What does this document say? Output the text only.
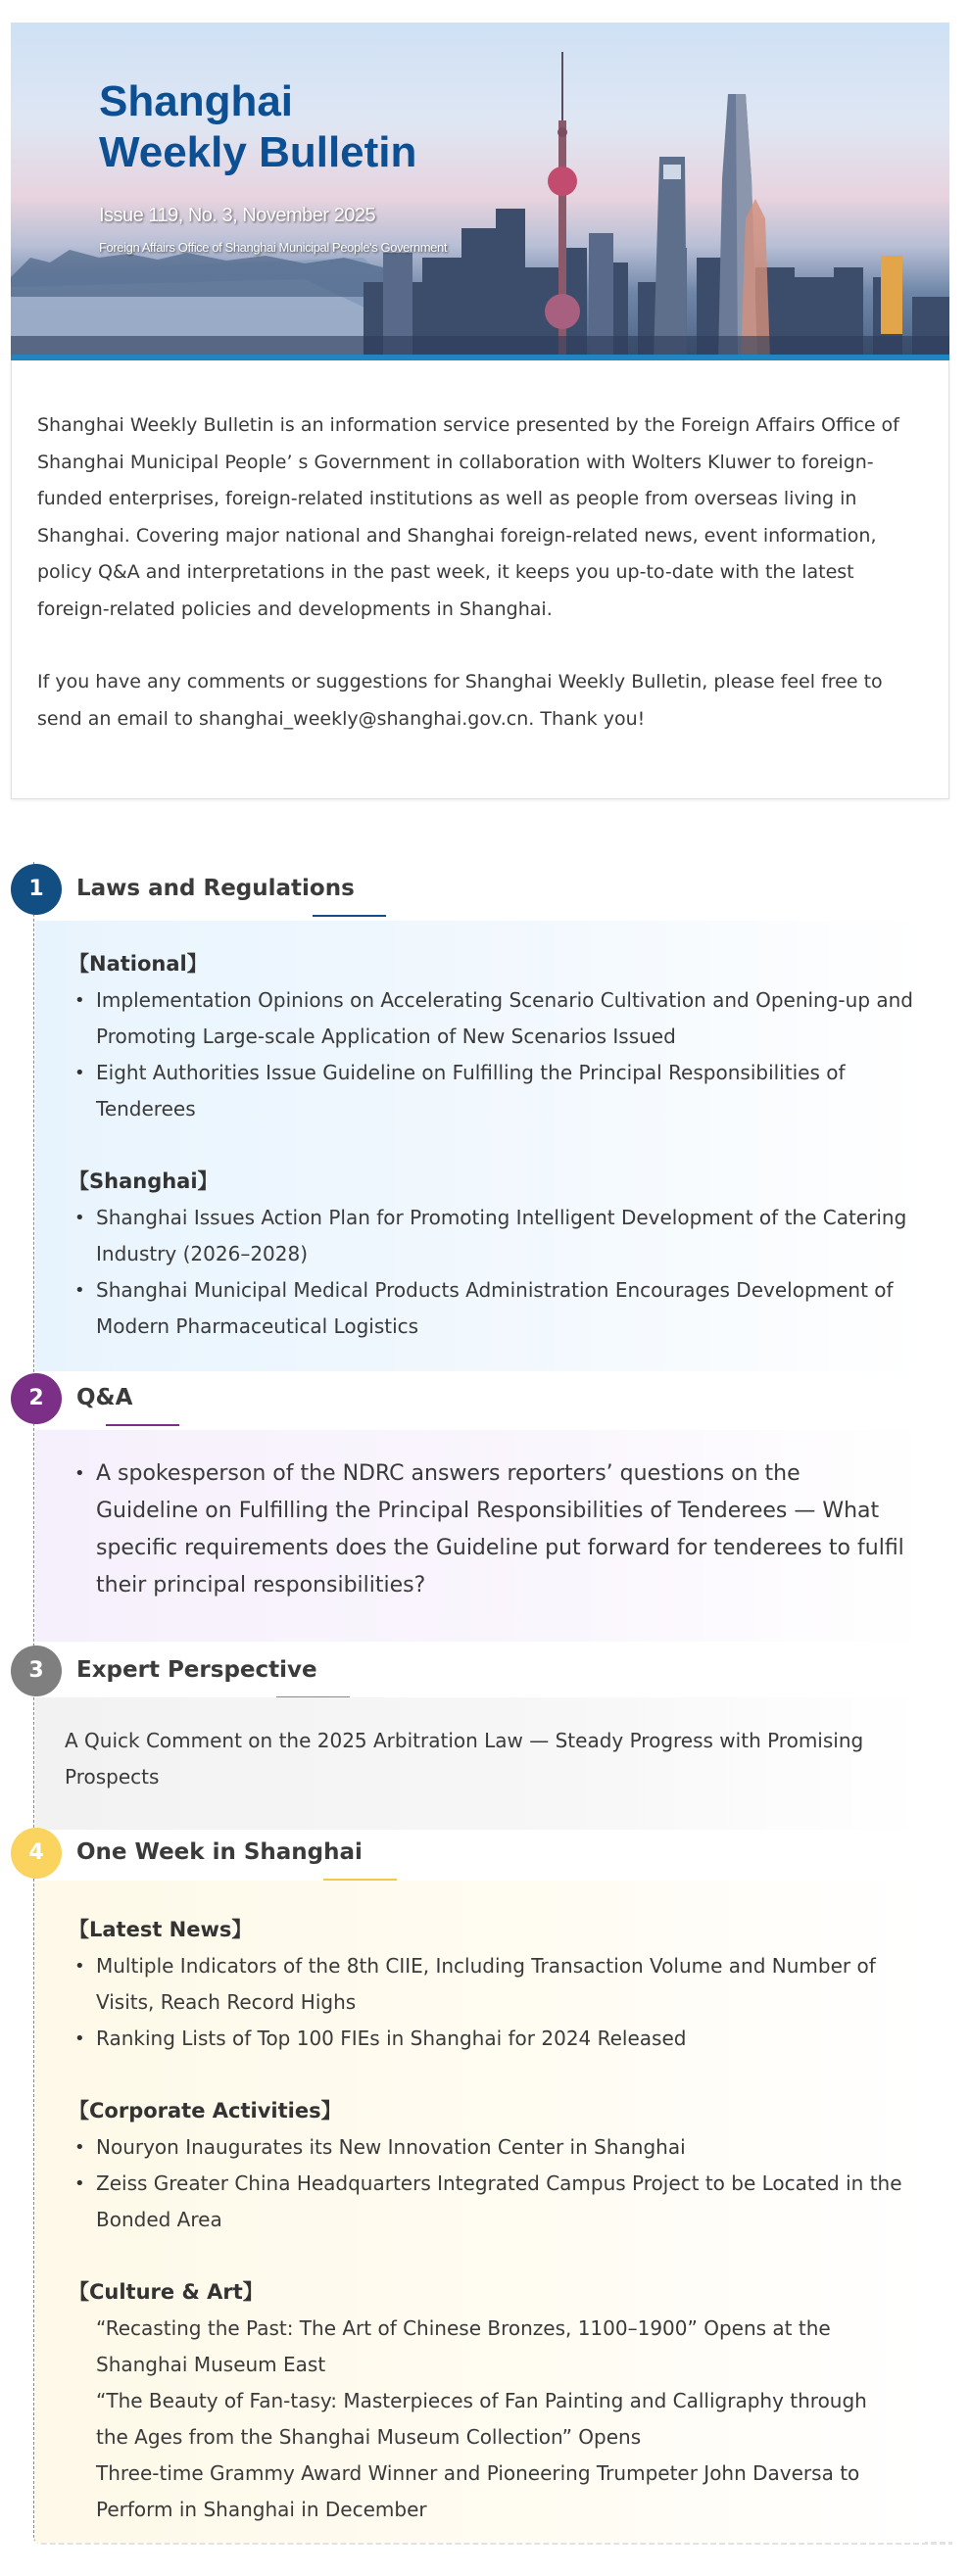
Shanghai
Weekly Bulletin
Issue 119, No. 3, November 2025
Foreign Affairs Office of Shanghai Municipal People's Government

Shanghai Weekly Bulletin is an information service presented by the Foreign Affairs Office of Shanghai Municipal People’ s Government in collaboration with Wolters Kluwer to foreign-funded enterprises, foreign-related institutions as well as people from overseas living in Shanghai. Covering major national and Shanghai foreign-related news, event information, policy Q&A and interpretations in the past week, it keeps you up-to-date with the latest foreign-related policies and developments in Shanghai.

If you have any comments or suggestions for Shanghai Weekly Bulletin, please feel free to send an email to shanghai_weekly@shanghai.gov.cn. Thank you!

1	Laws and Regulations
【National】
• Implementation Opinions on Accelerating Scenario Cultivation and Opening-up and Promoting Large-scale Application of New Scenarios Issued
• Eight Authorities Issue Guideline on Fulfilling the Principal Responsibilities of Tenderees
【Shanghai】
• Shanghai Issues Action Plan for Promoting Intelligent Development of the Catering Industry (2026–2028)
• Shanghai Municipal Medical Products Administration Encourages Development of Modern Pharmaceutical Logistics
2	Q&A
• A spokesperson of the NDRC answers reporters’ questions on the Guideline on Fulfilling the Principal Responsibilities of Tenderees — What specific requirements does the Guideline put forward for tenderees to fulfil their principal responsibilities?
3	Expert Perspective
A Quick Comment on the 2025 Arbitration Law — Steady Progress with Promising Prospects
4	One Week in Shanghai
【Latest News】
• Multiple Indicators of the 8th CIIE, Including Transaction Volume and Number of Visits, Reach Record Highs
• Ranking Lists of Top 100 FIEs in Shanghai for 2024 Released
【Corporate Activities】
• Nouryon Inaugurates its New Innovation Center in Shanghai
• Zeiss Greater China Headquarters Integrated Campus Project to be Located in the Bonded Area
【Culture & Art】
“Recasting the Past: The Art of Chinese Bronzes, 1100–1900” Opens at the Shanghai Museum East
“The Beauty of Fan-tasy: Masterpieces of Fan Painting and Calligraphy through the Ages from the Shanghai Museum Collection” Opens
Three-time Grammy Award Winner and Pioneering Trumpeter John Daversa to Perform in Shanghai in December
